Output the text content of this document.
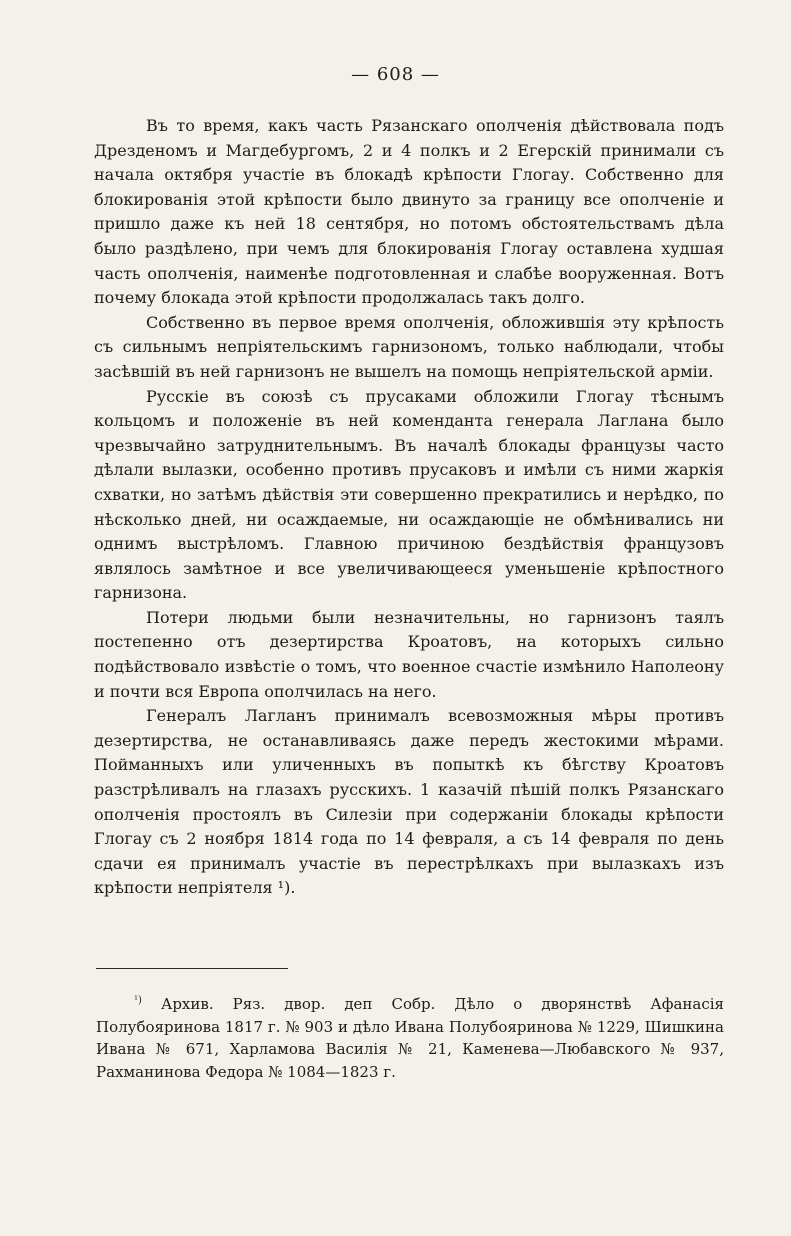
— 608 —

Въ то время, какъ часть Рязанскаго ополченія дѣйствовала подъ Дрезденомъ и Магдебургомъ, 2 и 4 полкъ и 2 Егерскій принимали съ начала октября участіе въ блокадѣ крѣпости Глогау. Собственно для блокированія этой крѣпости было двинуто за границу все ополченіе и пришло даже къ ней 18 сентября, но потомъ обстоятельствамъ дѣла было раздѣлено, при чемъ для блокированія Глогау оставлена худшая часть ополченія, наименѣе подготовленная и слабѣе вооруженная. Вотъ почему блокада этой крѣпости продолжалась такъ долго.

Собственно въ первое время ополченія, обложившія эту крѣпость съ сильнымъ непріятельскимъ гарнизономъ, только наблюдали, чтобы засѣвшій въ ней гарнизонъ не вышелъ на помощь непріятельской арміи.

Русскіе въ союзѣ съ прусаками обложили Глогау тѣснымъ кольцомъ и положеніе въ ней коменданта генерала Лаглана было чрезвычайно затруднительнымъ. Въ началѣ блокады французы часто дѣлали вылазки, особенно противъ прусаковъ и имѣли съ ними жаркія схватки, но затѣмъ дѣйствія эти совершенно прекратились и нерѣдко, по нѣсколько дней, ни осаждаемые, ни осаждающіе не обмѣнивались ни однимъ выстрѣломъ. Главною причиною бездѣйствія французовъ являлось замѣтное и все увеличивающееся уменьшеніе крѣпостного гарнизона.

Потери людьми были незначительны, но гарнизонъ таялъ постепенно отъ дезертирства Кроатовъ, на которыхъ сильно подѣйствовало извѣстіе о томъ, что военное счастіе измѣнило Наполеону и почти вся Европа ополчилась на него.

Генералъ Лагланъ принималъ всевозможныя мѣры противъ дезертирства, не останавливаясь даже передъ жестокими мѣрами. Пойманныхъ или уличенныхъ въ попыткѣ къ бѣгству Кроатовъ разстрѣливалъ на глазахъ русскихъ. 1 казачій пѣшій полкъ Рязанскаго ополченія простоялъ въ Силезіи при содержаніи блокады крѣпости Глогау съ 2 ноября 1814 года по 14 февраля, а съ 14 февраля по день сдачи ея принималъ участіе въ перестрѣлкахъ при вылазкахъ изъ крѣпости непріятеля ¹).

$^{^1)}$ Архив. Ряз. двор. деп Собр. Дѣло о дворянствѣ Афанасія Полубояринова 1817 г. № 903 и дѣло Ивана Полубояринова № 1229, Шишкина Ивана № 671, Харламова Василія № 21, Каменева—Любавского № 937, Рахманинова Федора № 1084—1823 г.
